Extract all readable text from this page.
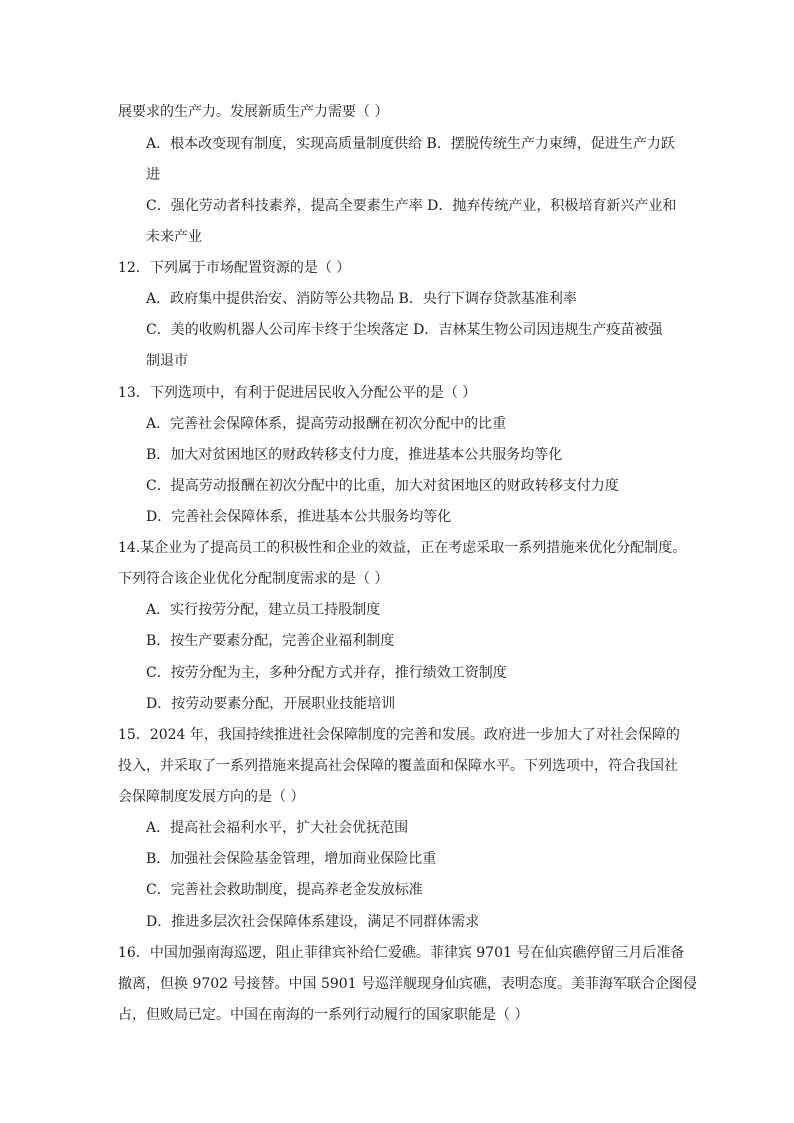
展要求的生产力。发展新质生产力需要（ ）
A．根本改变现有制度，实现高质量制度供给 B．摆脱传统生产力束缚，促进生产力跃
进
C．强化劳动者科技素养，提高全要素生产率 D．抛弃传统产业，积极培育新兴产业和
未来产业
12．下列属于市场配置资源的是（ ）
A．政府集中提供治安、消防等公共物品 B．央行下调存贷款基准利率
C．美的收购机器人公司库卡终于尘埃落定 D．吉林某生物公司因违规生产疫苗被强
制退市
13．下列选项中，有利于促进居民收入分配公平的是（ ）
A．完善社会保障体系，提高劳动报酬在初次分配中的比重
B．加大对贫困地区的财政转移支付力度，推进基本公共服务均等化
C．提高劳动报酬在初次分配中的比重，加大对贫困地区的财政转移支付力度
D．完善社会保障体系，推进基本公共服务均等化
14.某企业为了提高员工的积极性和企业的效益，正在考虑采取一系列措施来优化分配制度。
下列符合该企业优化分配制度需求的是（ ）
A．实行按劳分配，建立员工持股制度
B．按生产要素分配，完善企业福利制度
C．按劳分配为主，多种分配方式并存，推行绩效工资制度
D．按劳动要素分配，开展职业技能培训
15．2024 年，我国持续推进社会保障制度的完善和发展。政府进一步加大了对社会保障的
投入，并采取了一系列措施来提高社会保障的覆盖面和保障水平。下列选项中，符合我国社
会保障制度发展方向的是（ ）
A．提高社会福利水平，扩大社会优抚范围
B．加强社会保险基金管理，增加商业保险比重
C．完善社会救助制度，提高养老金发放标准
D．推进多层次社会保障体系建设，满足不同群体需求
16．中国加强南海巡逻，阻止菲律宾补给仁爱礁。菲律宾 9701 号在仙宾礁停留三月后准备
撤离，但换 9702 号接替。中国 5901 号巡洋舰现身仙宾礁，表明态度。美菲海军联合企图侵
占，但败局已定。中国在南海的一系列行动履行的国家职能是（ ）
